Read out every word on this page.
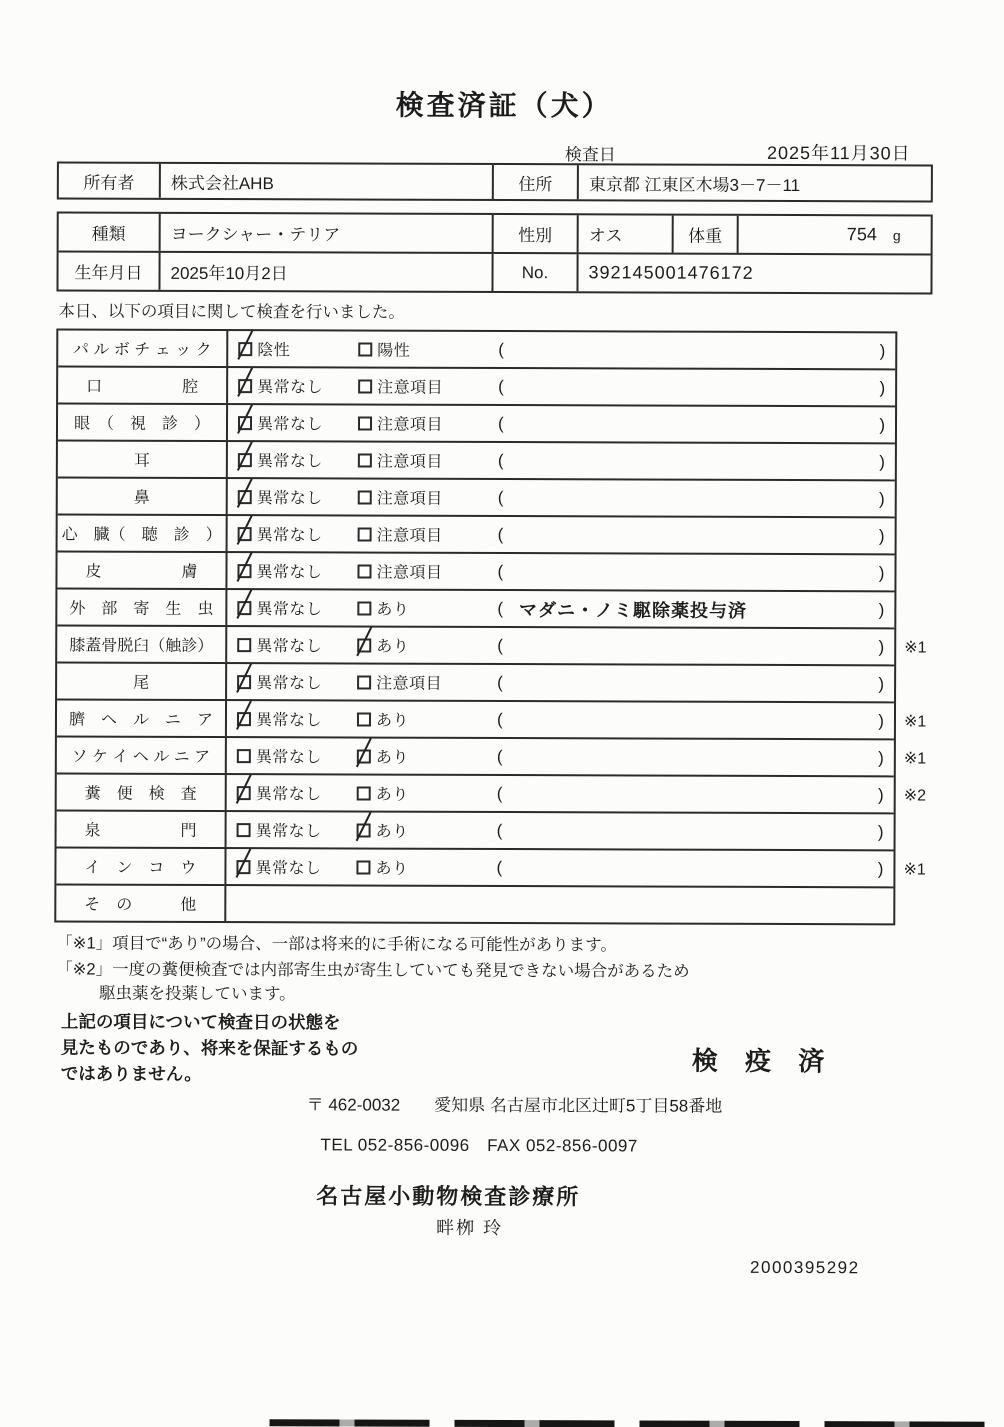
検査済証（犬）
検査日	2025年11月30日
所有者	株式会社AHB	住所	東京都 江東区木場3－7－11
種類	ヨークシャー・テリア	性別	オス	体重	754 g
生年月日	2025年10月2日	No.	392145001476172
本日、以下の項目に関して検査を行いました。
パ ル ボ チ ェ ッ ク	陰性	陽性	(	)
口　　　　　腔	異常なし	注意項目	(	)
眼　（　視　診　）	異常なし	注意項目	(	)
耳	異常なし	注意項目	(	)
鼻	異常なし	注意項目	(	)
心　臓（　聴　診　）	異常なし	注意項目	(	)
皮　　　　　膚	異常なし	注意項目	(	)
外　部　寄　生　虫	異常なし	あり	( マダニ・ノミ駆除薬投与済	)
膝蓋骨脱臼（触診）	異常なし	あり	(	) ※1
尾	異常なし	注意項目	(	)
臍　ヘ　ル　ニ　ア	異常なし	あり	(	) ※1
ソ ケ イ ヘ ル ニ ア	異常なし	あり	(	) ※1
糞　便　検　査	異常なし	あり	(	) ※2
泉　　　　　門	異常なし	あり	(	)
イ　ン　コ　ウ	異常なし	あり	(	) ※1
そ　の　　　他
「※1」項目で“あり”の場合、一部は将来的に手術になる可能性があります。
「※2」一度の糞便検査では内部寄生虫が寄生していても発見できない場合があるため
駆虫薬を投薬しています。
上記の項目について検査日の状態を
見たものであり、将来を保証するもの
ではありません。	検 疫 済
〒 462-0032　　愛知県 名古屋市北区辻町5丁目58番地
TEL 052-856-0096　FAX 052-856-0097
名古屋小動物検査診療所
畔栁 玲
2000395292
